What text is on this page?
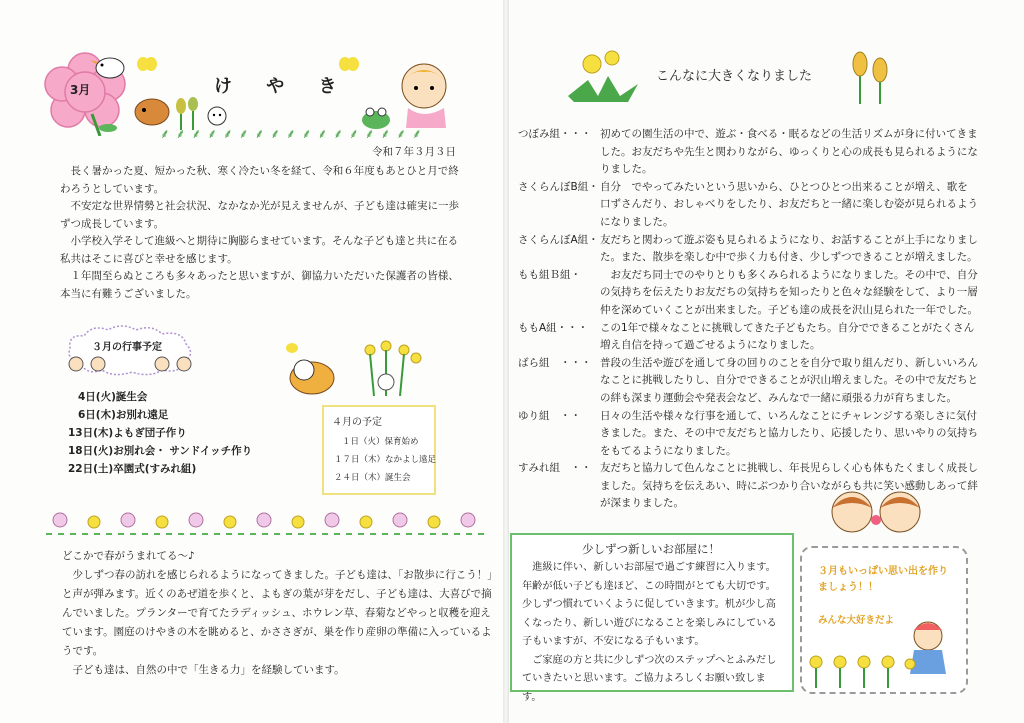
3月	け や き
⸙⸙⸙⸙⸙⸙⸙⸙⸙⸙⸙⸙⸙⸙⸙⸙⸙
令和７年３月３日

長く暑かった夏、短かった秋、寒く冷たい冬を経て、令和６年度もあとひと月で終わろうとしています。

不安定な世界情勢と社会状況、なかなか光が見えませんが、子ども達は確実に一歩ずつ成長しています。

小学校入学そして進級へと期待に胸膨らませています。そんな子ども達と共に在る私共はそこに喜びと幸せを感じます。

１年間至らぬところも多々あったと思いますが、御協力いただいた保護者の皆様、本当に有難うございました。

３月の行事予定
4日(火)誕生会
6日(木)お別れ遠足
13日(木)よもぎ団子作り
18日(火)お別れ会・ サンドイッチ作り
22日(土)卒園式(すみれ組)
４月の予定
１日（火）保育始め
１７日（木）なかよし遠足
２４日（木）誕生会
どこかで春がうまれてる～♪

少しずつ春の訪れを感じられるようになってきました。子ども達は、「お散歩に行こう！」と声が弾みます。近くのあぜ道を歩くと、よもぎの葉が芽をだし、子ども達は、大喜びで摘んでいました。プランターで育てたラディッシュ、ホウレン草、春菊などやっと収穫を迎えています。園庭のけやきの木を眺めると、かささぎが、巣を作り産卵の準備に入っているようです。

子ども達は、自然の中で「生きる力」を経験しています。

こんなに大きくなりました
つぼみ組・・・ 初めての園生活の中で、遊ぶ・食べる・眠るなどの生活リズムが身に付いてきました。お友だちや先生と関わりながら、ゆっくりと心の成長も見られるようになりました。
さくらんぼB組・ 自分　でやってみたいという思いから、ひとつひとつ出来ることが増え、歌を口ずさんだり、おしゃべりをしたり、お友だちと一緒に楽しむ姿が見られるようになりました。
さくらんぼA組・ 友だちと関わって遊ぶ姿も見られるようになり、お話することが上手になりました。また、散歩を楽しむ中で歩く力も付き、少しずつできることが増えました。
もも組Ｂ組・	　お友だち同士でのやりとりも多くみられるようになりました。その中で、自分の気持ちを伝えたりお友だちの気持ちを知ったりと色々な経験をして、より一層仲を深めていくことが出来ました。子ども達の成長を沢山見られた一年でした。
ももA組・・・	この1年で様々なことに挑戦してきた子どもたち。自分でできることがたくさん増え自信を持って過ごせるようになりました。
ばら組　・・・ 普段の生活や遊びを通して身の回りのことを自分で取り組んだり、新しいいろんなことに挑戦したりし、自分でできることが沢山増えました。その中で友だちとの絆も深まり運動会や発表会など、みんなで一緒に頑張る力が育ちました。
ゆり組　・・	日々の生活や様々な行事を通して、いろんなことにチャレンジする楽しさに気付きました。また、その中で友だちと協力したり、応援したり、思いやりの気持ちをもてるようになりました。
すみれ組　・・ 友だちと協力して色んなことに挑戦し、年長児らしく心も体もたくましく成長しました。気持ちを伝えあい、時にぶつかり合いながらも共に笑い感動しあって絆が深まりました。
少しずつ新しいお部屋に！

進級に伴い、新しいお部屋で過ごす練習に入ります。年齢が低い子ども達ほど、この時間がとても大切です。少しずつ慣れていくように促していきます。机が少し高くなったり、新しい遊びになることを楽しみにしている子もいますが、不安になる子もいます。

ご家庭の方と共に少しずつ次のステップへとふみだしていきたいと思います。ご協力よろしくお願い致します。

３月もいっぱい思い出を作りましょう！！
みんな大好きだよ
